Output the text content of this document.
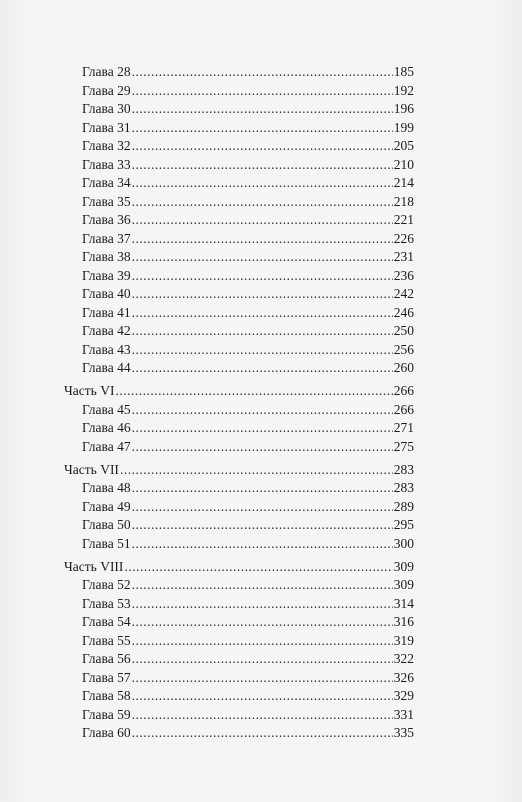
Глава 28 .....	185
Глава 29 .....	192
Глава 30 .....	196
Глава 31 .....	199
Глава 32 .....	205
Глава 33 .....	210
Глава 34 .....	214
Глава 35 .....	218
Глава 36 .....	221
Глава 37 .....	226
Глава 38 .....	231
Глава 39 .....	236
Глава 40 .....	242
Глава 41 .....	246
Глава 42 .....	250
Глава 43 .....	256
Глава 44 .....	260
Часть VI .....	266
Глава 45 .....	266
Глава 46 .....	271
Глава 47 .....	275
Часть VII .....	283
Глава 48 .....	283
Глава 49 .....	289
Глава 50 .....	295
Глава 51 .....	300
Часть VIII .....	309
Глава 52 .....	309
Глава 53 .....	314
Глава 54 .....	316
Глава 55 .....	319
Глава 56 .....	322
Глава 57 .....	326
Глава 58 .....	329
Глава 59 .....	331
Глава 60 .....	335
